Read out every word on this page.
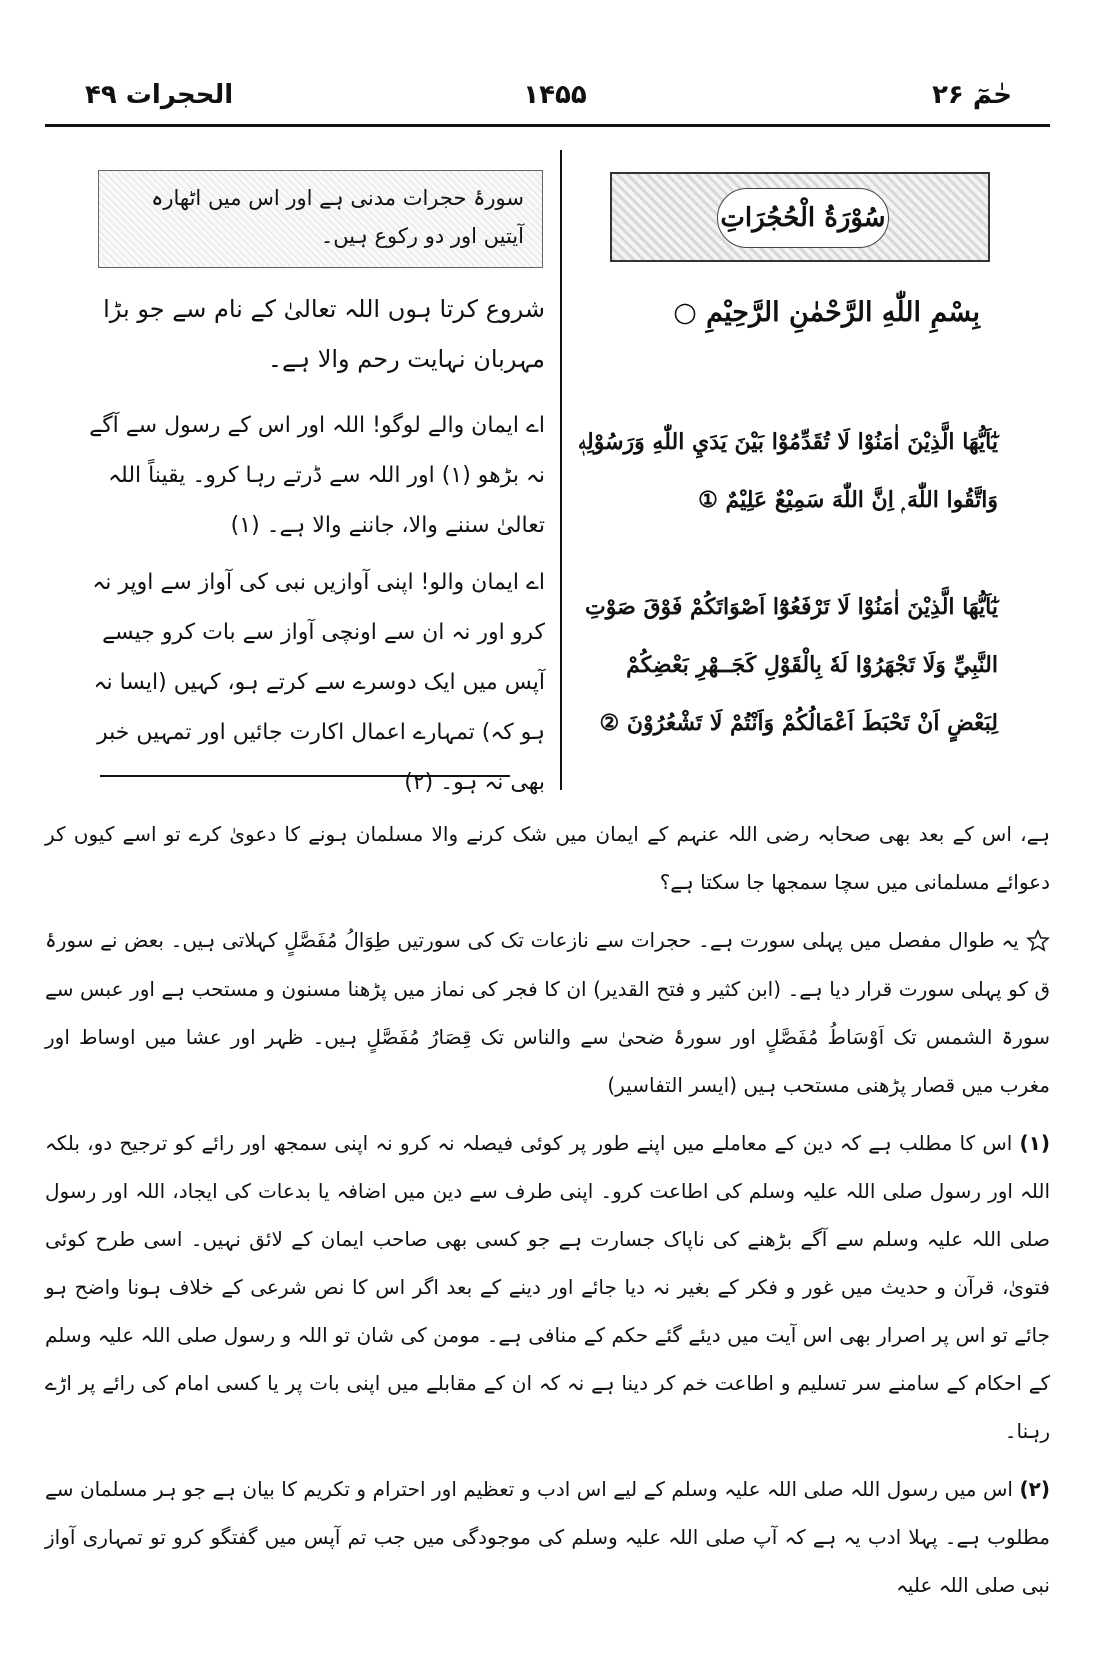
الحجرات ۴۹	۱۴۵۵	حٰمٓ ۲۶
سورۂ حجرات مدنی ہے اور اس میں اٹھارہ آیتیں اور دو رکوع ہیں۔
سُوْرَةُ الْحُجُرَاتِ
بِسْمِ اللّٰهِ الرَّحْمٰنِ الرَّحِيْمِ ○
شروع کرتا ہوں اللہ تعالیٰ کے نام سے جو بڑا مہربان نہایت رحم والا ہے۔
يٰٓاَيُّهَا الَّذِيْنَ اٰمَنُوْا لَا تُقَدِّمُوْا بَيْنَ يَدَيِ اللّٰهِ وَرَسُوْلِهٖ وَاتَّقُوا اللّٰهَ ۭ اِنَّ اللّٰهَ سَمِيْعٌ عَلِيْمٌ ①
اے ایمان والے لوگو! اللہ اور اس کے رسول سے آگے نہ بڑھو (۱) اور اللہ سے ڈرتے رہا کرو۔ یقیناً اللہ تعالیٰ سننے والا، جاننے والا ہے۔ (۱)
يٰٓاَيُّهَا الَّذِيْنَ اٰمَنُوْا لَا تَرْفَعُوْٓا اَصْوَاتَكُمْ فَوْقَ صَوْتِ النَّبِيِّ وَلَا تَجْهَرُوْا لَهٗ بِالْقَوْلِ كَجَــهْرِ بَعْضِكُمْ لِبَعْضٍ اَنْ تَحْبَطَ اَعْمَالُكُمْ وَاَنْتُمْ لَا تَشْعُرُوْنَ ②
اے ایمان والو! اپنی آوازیں نبی کی آواز سے اوپر نہ کرو اور نہ ان سے اونچی آواز سے بات کرو جیسے آپس میں ایک دوسرے سے کرتے ہو، کہیں (ایسا نہ ہو کہ) تمہارے اعمال اکارت جائیں اور تمہیں خبر بھی نہ ہو۔ (۲)

ہے، اس کے بعد بھی صحابہ رضی اللہ عنہم کے ایمان میں شک کرنے والا مسلمان ہونے کا دعویٰ کرے تو اسے کیوں کر دعوائے مسلمانی میں سچا سمجھا جا سکتا ہے؟

یہ طوال مفصل میں پہلی سورت ہے۔ حجرات سے نازعات تک کی سورتیں طِوَالُ مُفَصَّلٍ کہلاتی ہیں۔ بعض نے سورۂ ق کو پہلی سورت قرار دیا ہے۔ (ابن کثیر و فتح القدیر) ان کا فجر کی نماز میں پڑھنا مسنون و مستحب ہے اور عبس سے سورۃ الشمس تک اَوْسَاطُ مُفَصَّلٍ اور سورۂ ضحیٰ سے والناس تک قِصَارُ مُفَصَّلٍ ہیں۔ ظہر اور عشا میں اوساط اور مغرب میں قصار پڑھنی مستحب ہیں (ایسر التفاسیر)

(۱) اس کا مطلب ہے کہ دین کے معاملے میں اپنے طور پر کوئی فیصلہ نہ کرو نہ اپنی سمجھ اور رائے کو ترجیح دو، بلکہ اللہ اور رسول صلی اللہ علیہ وسلم کی اطاعت کرو۔ اپنی طرف سے دین میں اضافہ یا بدعات کی ایجاد، اللہ اور رسول صلی اللہ علیہ وسلم سے آگے بڑھنے کی ناپاک جسارت ہے جو کسی بھی صاحب ایمان کے لائق نہیں۔ اسی طرح کوئی فتویٰ، قرآن و حدیث میں غور و فکر کے بغیر نہ دیا جائے اور دینے کے بعد اگر اس کا نص شرعی کے خلاف ہونا واضح ہو جائے تو اس پر اصرار بھی اس آیت میں دیئے گئے حکم کے منافی ہے۔ مومن کی شان تو اللہ و رسول صلی اللہ علیہ وسلم کے احکام کے سامنے سر تسلیم و اطاعت خم کر دینا ہے نہ کہ ان کے مقابلے میں اپنی بات پر یا کسی امام کی رائے پر اڑے رہنا۔

(۲) اس میں رسول اللہ صلی اللہ علیہ وسلم کے لیے اس ادب و تعظیم اور احترام و تکریم کا بیان ہے جو ہر مسلمان سے مطلوب ہے۔ پہلا ادب یہ ہے کہ آپ صلی اللہ علیہ وسلم کی موجودگی میں جب تم آپس میں گفتگو کرو تو تمہاری آواز نبی صلی اللہ علیہ
